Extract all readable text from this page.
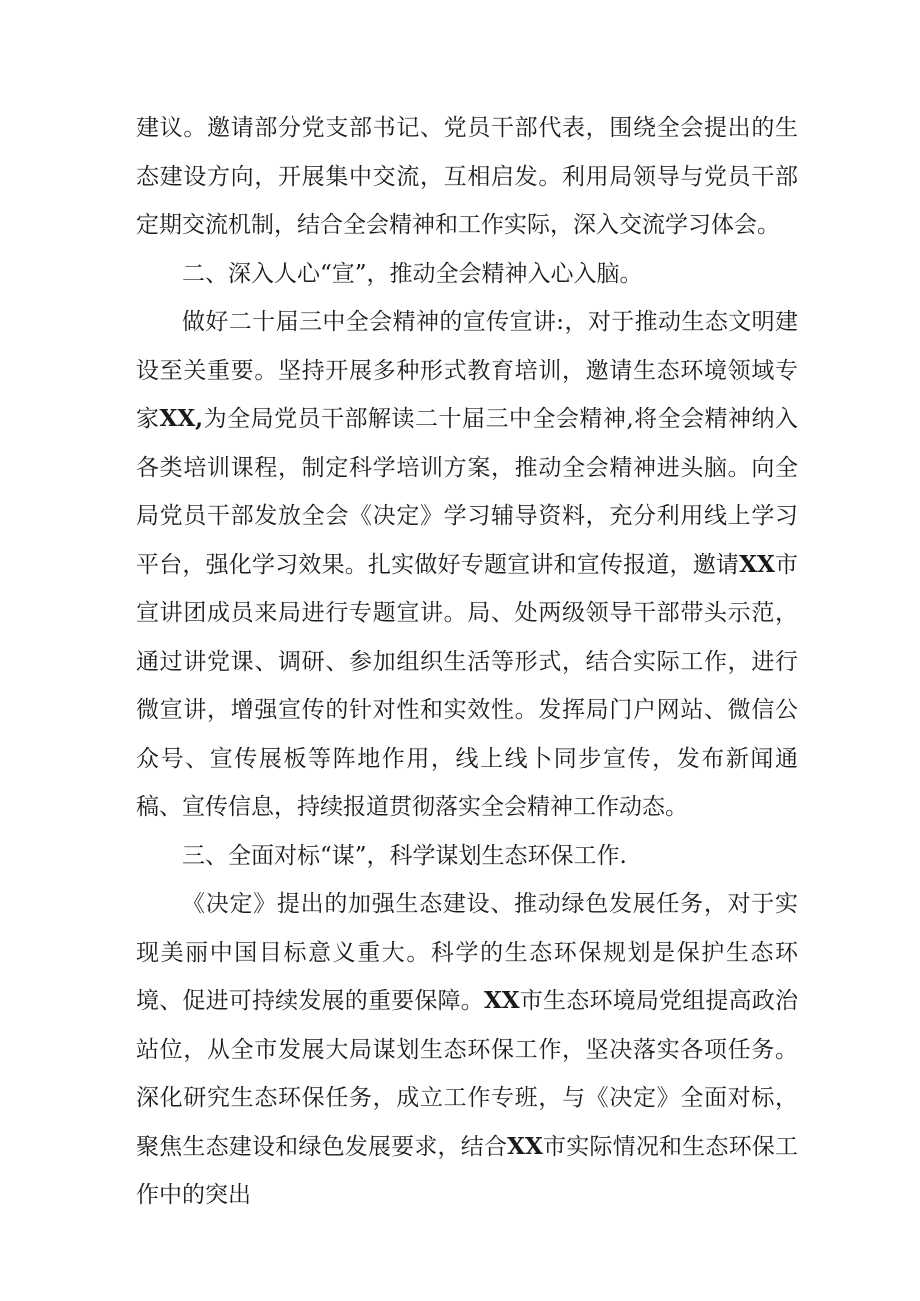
建议。邀请部分党支部书记、党员干部代表，围绕全会提出的生态建设方向，开展集中交流，互相启发。利用局领导与党员干部定期交流机制，结合全会精神和工作实际，深入交流学习体会。

二、深入人心“宣”，推动全会精神入心入脑。

做好二十届三中全会精神的宣传宣讲:，对于推动生态文明建设至关重要。坚持开展多种形式教育培训，邀请生态环境领域专家XX,为全局党员干部解读二十届三中全会精神,将全会精神纳入各类培训课程，制定科学培训方案，推动全会精神进头脑。向全局党员干部发放全会《决定》学习辅导资料，充分利用线上学习平台，强化学习效果。扎实做好专题宣讲和宣传报道，邀请XX市宣讲团成员来局进行专题宣讲。局、处两级领导干部带头示范，通过讲党课、调研、参加组织生活等形式，结合实际工作，进行微宣讲，增强宣传的针对性和实效性。发挥局门户网站、微信公众号、宣传展板等阵地作用，线上线卜同步宣传，发布新闻通稿、宣传信息，持续报道贯彻落实全会精神工作动态。

三、全面对标“谋”，科学谋划生态环保工作.

《决定》提出的加强生态建设、推动绿色发展任务，对于实现美丽中国目标意义重大。科学的生态环保规划是保护生态环境、促进可持续发展的重要保障。XX市生态环境局党组提高政治站位，从全市发展大局谋划生态环保工作，坚决落实各项任务。深化研究生态环保任务，成立工作专班，与《决定》全面对标，聚焦生态建设和绿色发展要求，结合XX市实际情况和生态环保工作中的突出
